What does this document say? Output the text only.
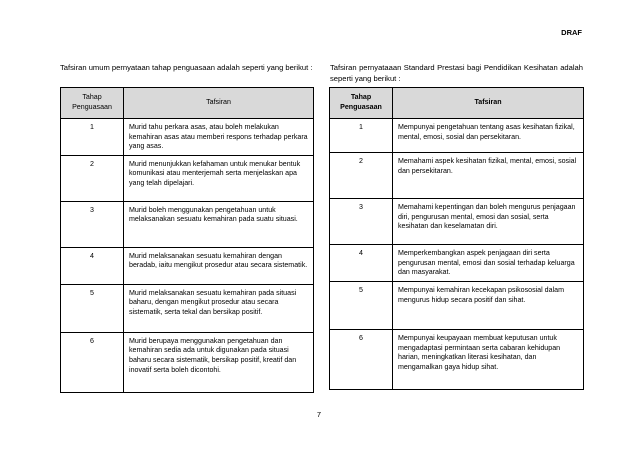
DRAF
Tafsiran umum pernyataan tahap penguasaan adalah seperti yang berikut : Tafsiran pernyataaan Standard Prestasi bagi Pendidikan Kesihatan adalah seperti yang berikut :
Tahap Penguasaan	Tafsiran
1	Murid tahu perkara asas, atau boleh melakukan kemahiran asas atau memberi respons terhadap perkara yang asas.
2	Murid menunjukkan kefahaman untuk menukar bentuk komunikasi atau menterjemah serta menjelaskan apa yang telah dipelajari.
3	Murid boleh menggunakan pengetahuan untuk melaksanakan sesuatu kemahiran pada suatu situasi.
4	Murid melaksanakan sesuatu kemahiran dengan beradab, iaitu mengikut prosedur atau secara sistematik.
5	Murid melaksanakan sesuatu kemahiran pada situasi baharu, dengan mengikut prosedur atau secara sistematik, serta tekal dan bersikap positif.
6	Murid berupaya menggunakan pengetahuan dan kemahiran sedia ada untuk digunakan pada situasi baharu secara sistematik, bersikap positif, kreatif dan inovatif serta boleh dicontohi.
Tahap Penguasaan	Tafsiran
1	Mempunyai pengetahuan tentang asas kesihatan fizikal, mental, emosi, sosial dan persekitaran.
2	Memahami aspek kesihatan fizikal, mental, emosi, sosial dan persekitaran.
3	Memahami kepentingan dan boleh mengurus penjagaan diri, pengurusan mental, emosi dan sosial, serta kesihatan dan keselamatan diri.
4	Memperkembangkan aspek penjagaan diri serta pengurusan mental, emosi dan sosial terhadap keluarga dan masyarakat.
5	Mempunyai kemahiran kecekapan psikososial dalam mengurus hidup secara positif dan sihat.
6	Mempunyai keupayaan membuat keputusan untuk mengadaptasi permintaan serta cabaran kehidupan harian, meningkatkan literasi kesihatan, dan mengamalkan gaya hidup sihat.
7
